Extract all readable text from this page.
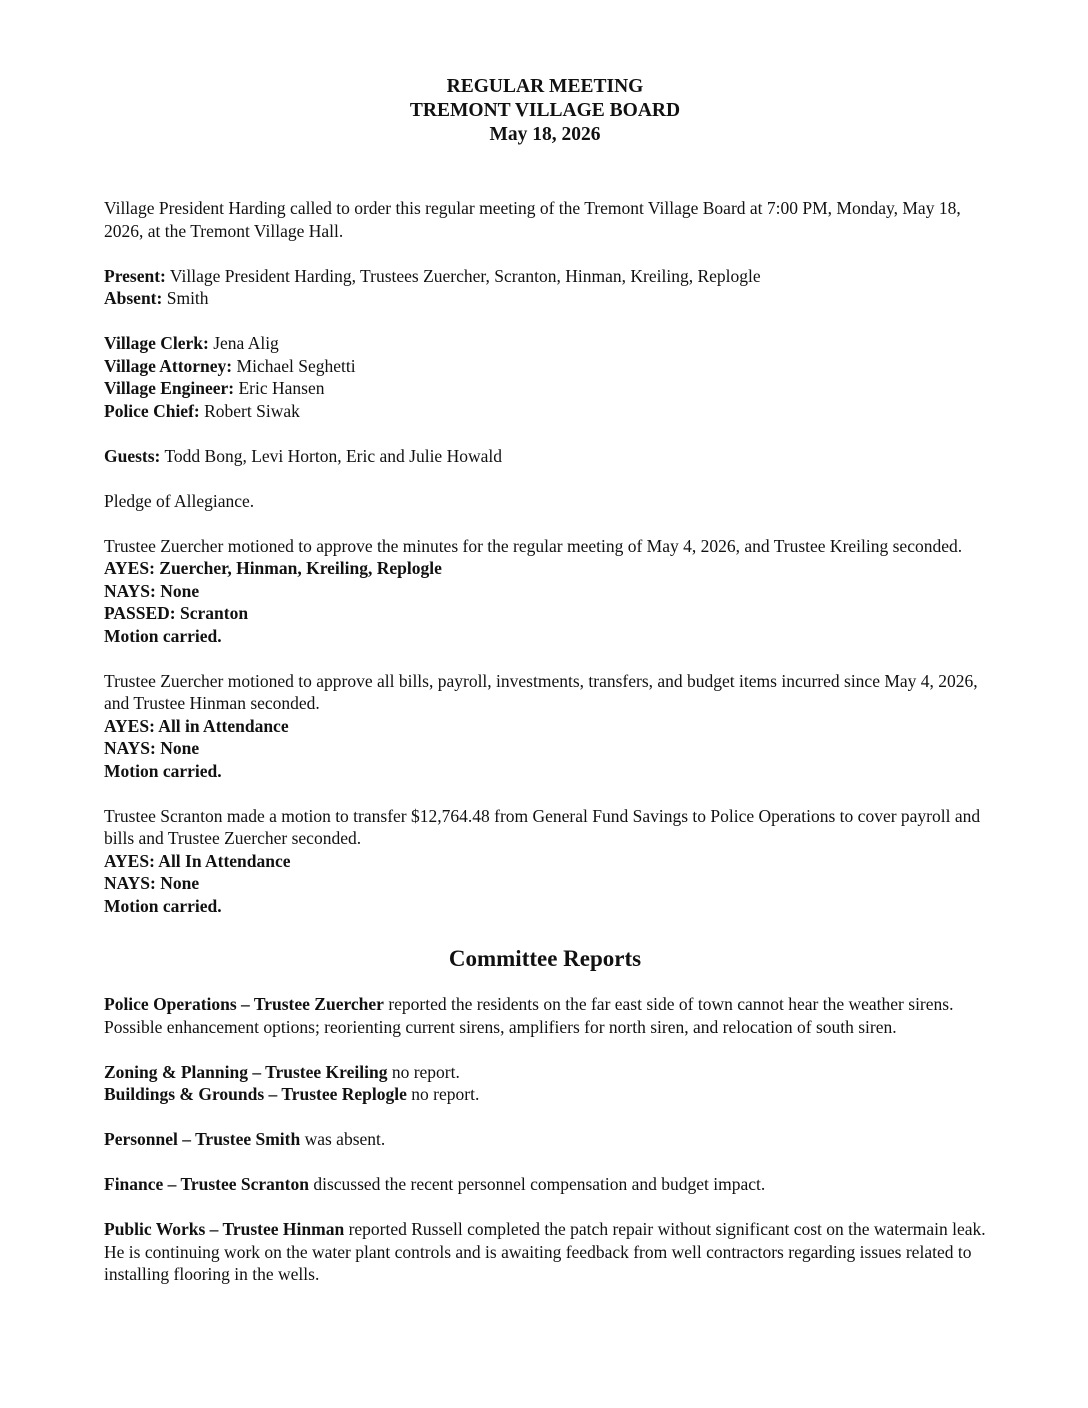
REGULAR MEETING
TREMONT VILLAGE BOARD
May 18, 2026

Village President Harding called to order this regular meeting of the Tremont Village Board at 7:00 PM, Monday, May 18, 2026, at the Tremont Village Hall.

Present: Village President Harding, Trustees Zuercher, Scranton, Hinman, Kreiling, Replogle
Absent: Smith
Village Clerk: Jena Alig
Village Attorney: Michael Seghetti
Village Engineer: Eric Hansen
Police Chief: Robert Siwak

Guests: Todd Bong, Levi Horton, Eric and Julie Howald

Pledge of Allegiance.

Trustee Zuercher motioned to approve the minutes for the regular meeting of May 4, 2026, and Trustee Kreiling seconded.
AYES: Zuercher, Hinman, Kreiling, Replogle
NAYS: None
PASSED: Scranton
Motion carried.
Trustee Zuercher motioned to approve all bills, payroll, investments, transfers, and budget items incurred since May 4, 2026, and Trustee Hinman seconded.
AYES: All in Attendance
NAYS: None
Motion carried.
Trustee Scranton made a motion to transfer $12,764.48 from General Fund Savings to Police Operations to cover payroll and bills and Trustee Zuercher seconded.
AYES: All In Attendance
NAYS: None
Motion carried.
Committee Reports

Police Operations – Trustee Zuercher reported the residents on the far east side of town cannot hear the weather sirens. Possible enhancement options; reorienting current sirens, amplifiers for north siren, and relocation of south siren.

Zoning & Planning – Trustee Kreiling no report.
Buildings & Grounds – Trustee Replogle no report.

Personnel – Trustee Smith was absent.

Finance – Trustee Scranton discussed the recent personnel compensation and budget impact.

Public Works – Trustee Hinman reported Russell completed the patch repair without significant cost on the watermain leak. He is continuing work on the water plant controls and is awaiting feedback from well contractors regarding issues related to installing flooring in the wells.
